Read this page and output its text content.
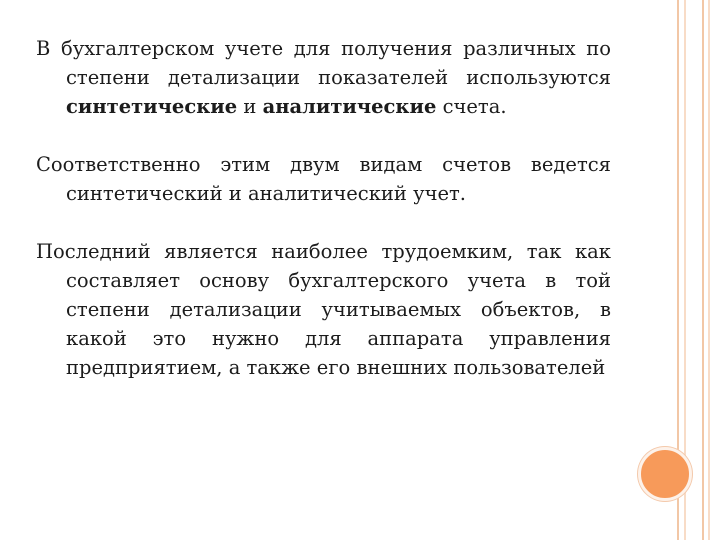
В бухгалтерском учете для получения различных по степени детализации показателей используются синтетические и аналитические счета.

Соответственно этим двум видам счетов ведется синтетический и аналитический учет.

Последний является наиболее трудоемким, так как составляет основу бухгалтерского учета в той степени детализации учитываемых объектов, в какой это нужно для аппарата управления предприятием, а также его внешних пользователей
